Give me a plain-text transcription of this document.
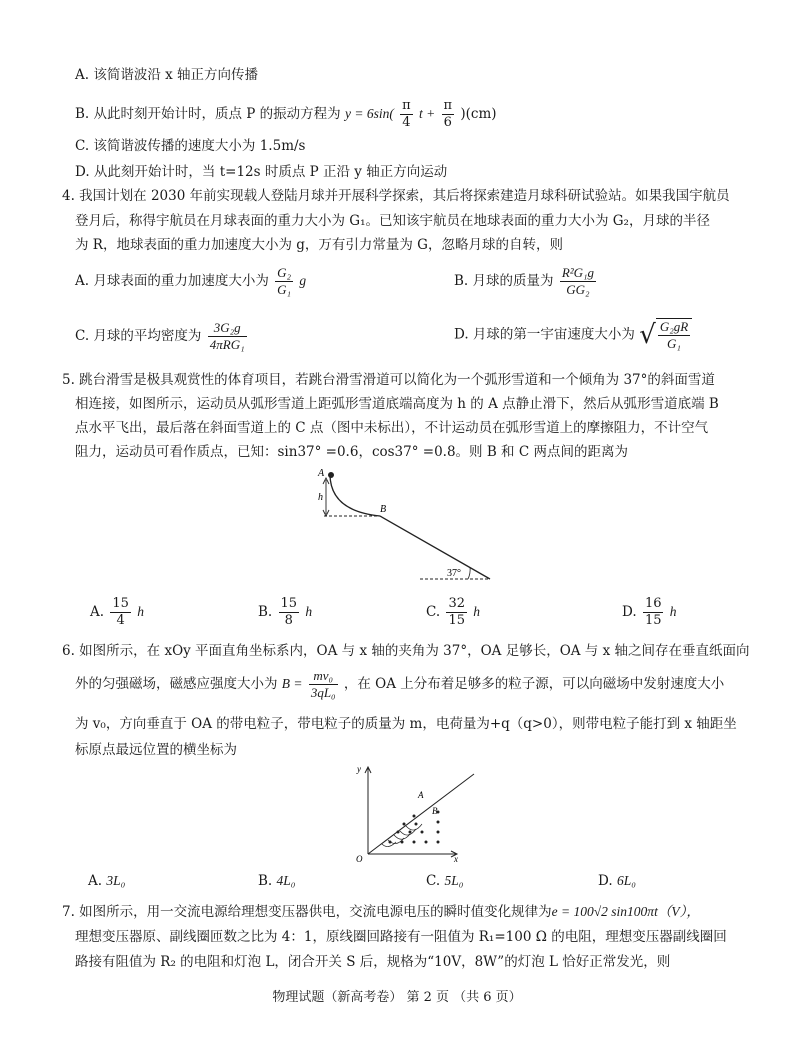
A. 该简谐波沿 x 轴正方向传播
B. 从此时刻开始计时，质点 P 的振动方程为 $y = 6\sin( \frac{\pi}{4}$ $t + \frac{\pi}{6} )(cm)$
C. 该简谐波传播的速度大小为 1.5m/s
D. 从此刻开始计时，当 t=12s 时质点 P 正沿 y 轴正方向运动
4. 我国计划在 2030 年前实现载人登陆月球并开展科学探索，其后将探索建造月球科研试验站。如果我国宇航员
登月后，称得宇航员在月球表面的重力大小为 G₁。已知该宇航员在地球表面的重力大小为 G₂，月球的半径
为 R，地球表面的重力加速度大小为 g，万有引力常量为 G，忽略月球的自转，则
A. 月球表面的重力加速度大小为 $\frac{\text{G₂}}{\text{G₁}}$ g	B. 月球的质量为 $\frac{\text{R²G₁g}}{\text{GG₂}}$
C. 月球的平均密度为 $\frac{\text{3G₂g}}{\text{4πRG₁}}$	D. 月球的第一宇宙速度大小为 √ $\frac{\text{G₂gR}}{\text{G₁}}$
5. 跳台滑雪是极具观赏性的体育项目，若跳台滑雪滑道可以简化为一个弧形雪道和一个倾角为 37°的斜面雪道
相连接，如图所示，运动员从弧形雪道上距弧形雪道底端高度为 h 的 A 点静止滑下，然后从弧形雪道底端 B
点水平飞出，最后落在斜面雪道上的 C 点（图中未标出），不计运动员在弧形雪道上的摩擦阻力，不计空气
阻力，运动员可看作质点，已知：sin37° =0.6，cos37° =0.8。则 B 和 C 两点间的距离为
A
h
B
37°
A. $\frac{15}{4}$ h	B. $\frac{15}{8}$ h	C. $\frac{32}{15}$ h	D. $\frac{16}{15}$ h
6. 如图所示，在 xOy 平面直角坐标系内，OA 与 x 轴的夹角为 37°，OA 足够长，OA 与 x 轴之间存在垂直纸面向
外的匀强磁场，磁感应强度大小为 $B = \frac{\text{mv₀}}{\text{3qL₀}}$ ，在 OA 上分布着足够多的粒子源，可以向磁场中发射速度大小
为 v₀，方向垂直于 OA 的带电粒子，带电粒子的质量为 m，电荷量为+q（q>0），则带电粒子能打到 x 轴距坐
标原点最远位置的横坐标为
y
x
O
A
B
A. 3L₀	B. 4L₀	C. 5L₀	D. 6L₀
7. 如图所示，用一交流电源给理想变压器供电，交流电源电压的瞬时值变化规律为e = 100√2 sin100πt（V），
理想变压器原、副线圈匝数之比为 4：1，原线圈回路接有一阻值为 R₁=100 Ω 的电阻，理想变压器副线圈回
路接有阻值为 R₂ 的电阻和灯泡 L，闭合开关 S 后，规格为“10V，8W”的灯泡 L 恰好正常发光，则
物理试题（新高考卷） 第 2 页 （共 6 页）
